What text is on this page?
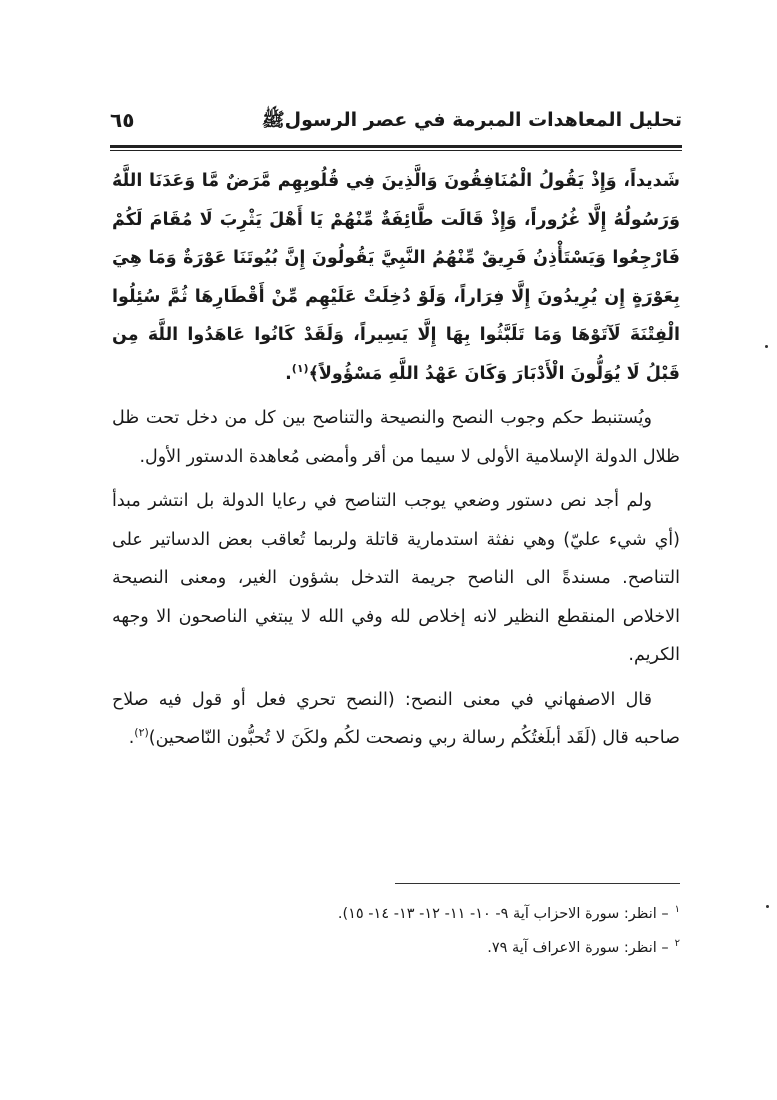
تحليل المعاهدات المبرمة في عصر الرسولﷺ
٦٥

شَديداً، وَإِذْ يَقُولُ الْمُنَافِقُونَ وَالَّذِينَ فِي قُلُوبِهِم مَّرَضٌ مَّا وَعَدَنَا اللَّهُ وَرَسُولُهُ إِلَّا غُرُوراً، وَإِذْ قَالَت طَّائِفَةٌ مِّنْهُمْ يَا أَهْلَ يَثْرِبَ لَا مُقَامَ لَكُمْ فَارْجِعُوا وَيَسْتَأْذِنُ فَرِيقٌ مِّنْهُمُ النَّبِيَّ يَقُولُونَ إِنَّ بُيُوتَنَا عَوْرَةٌ وَمَا هِيَ بِعَوْرَةٍ إِن يُرِيدُونَ إِلَّا فِرَاراً، وَلَوْ دُخِلَتْ عَلَيْهِم مِّنْ أَقْطَارِهَا ثُمَّ سُئِلُوا الْفِتْنَةَ لَآتَوْهَا وَمَا تَلَبَّثُوا بِهَا إِلَّا يَسِيراً، وَلَقَدْ كَانُوا عَاهَدُوا اللَّهَ مِن قَبْلُ لَا يُوَلُّونَ الْأَدْبَارَ وَكَانَ عَهْدُ اللَّهِ مَسْؤُولاً﴾$^{(١)}$.

ويُستنبط حكم وجوب النصح والنصيحة والتناصح بين كل من دخل تحت ظل ظلال الدولة الإسلامية الأولى لا سيما من أقر وأمضى مُعاهدة الدستور الأول.

ولم أجد نص دستور وضعي يوجب التناصح في رعايا الدولة بل انتشر مبدأ (أي شيء عليّ) وهي نفثة استدمارية قاتلة ولربما تُعاقب بعض الدساتير على التناصح. مسندةً الى الناصح جريمة التدخل بشؤون الغير، ومعنى النصيحة الاخلاص المنقطع النظير لانه إخلاص لله وفي الله لا يبتغي الناصحون الا وجهه الكريم.

قال الاصفهاني في معنى النصح: (النصح تحري فعل أو قول فيه صلاح صاحبه قال (لَقَد أبلَغتُكُم رسالة ربي ونصحت لكُم ولكَنَ لا تُحبُّون النّاصحين)$^{(٢)}$.

$^١$– انظر: سورة الاحزاب آية ٩- ١٠- ١١- ١٢- ١٣- ١٤- ١٥).

$^٢$– انظر: سورة الاعراف آية ٧٩.
